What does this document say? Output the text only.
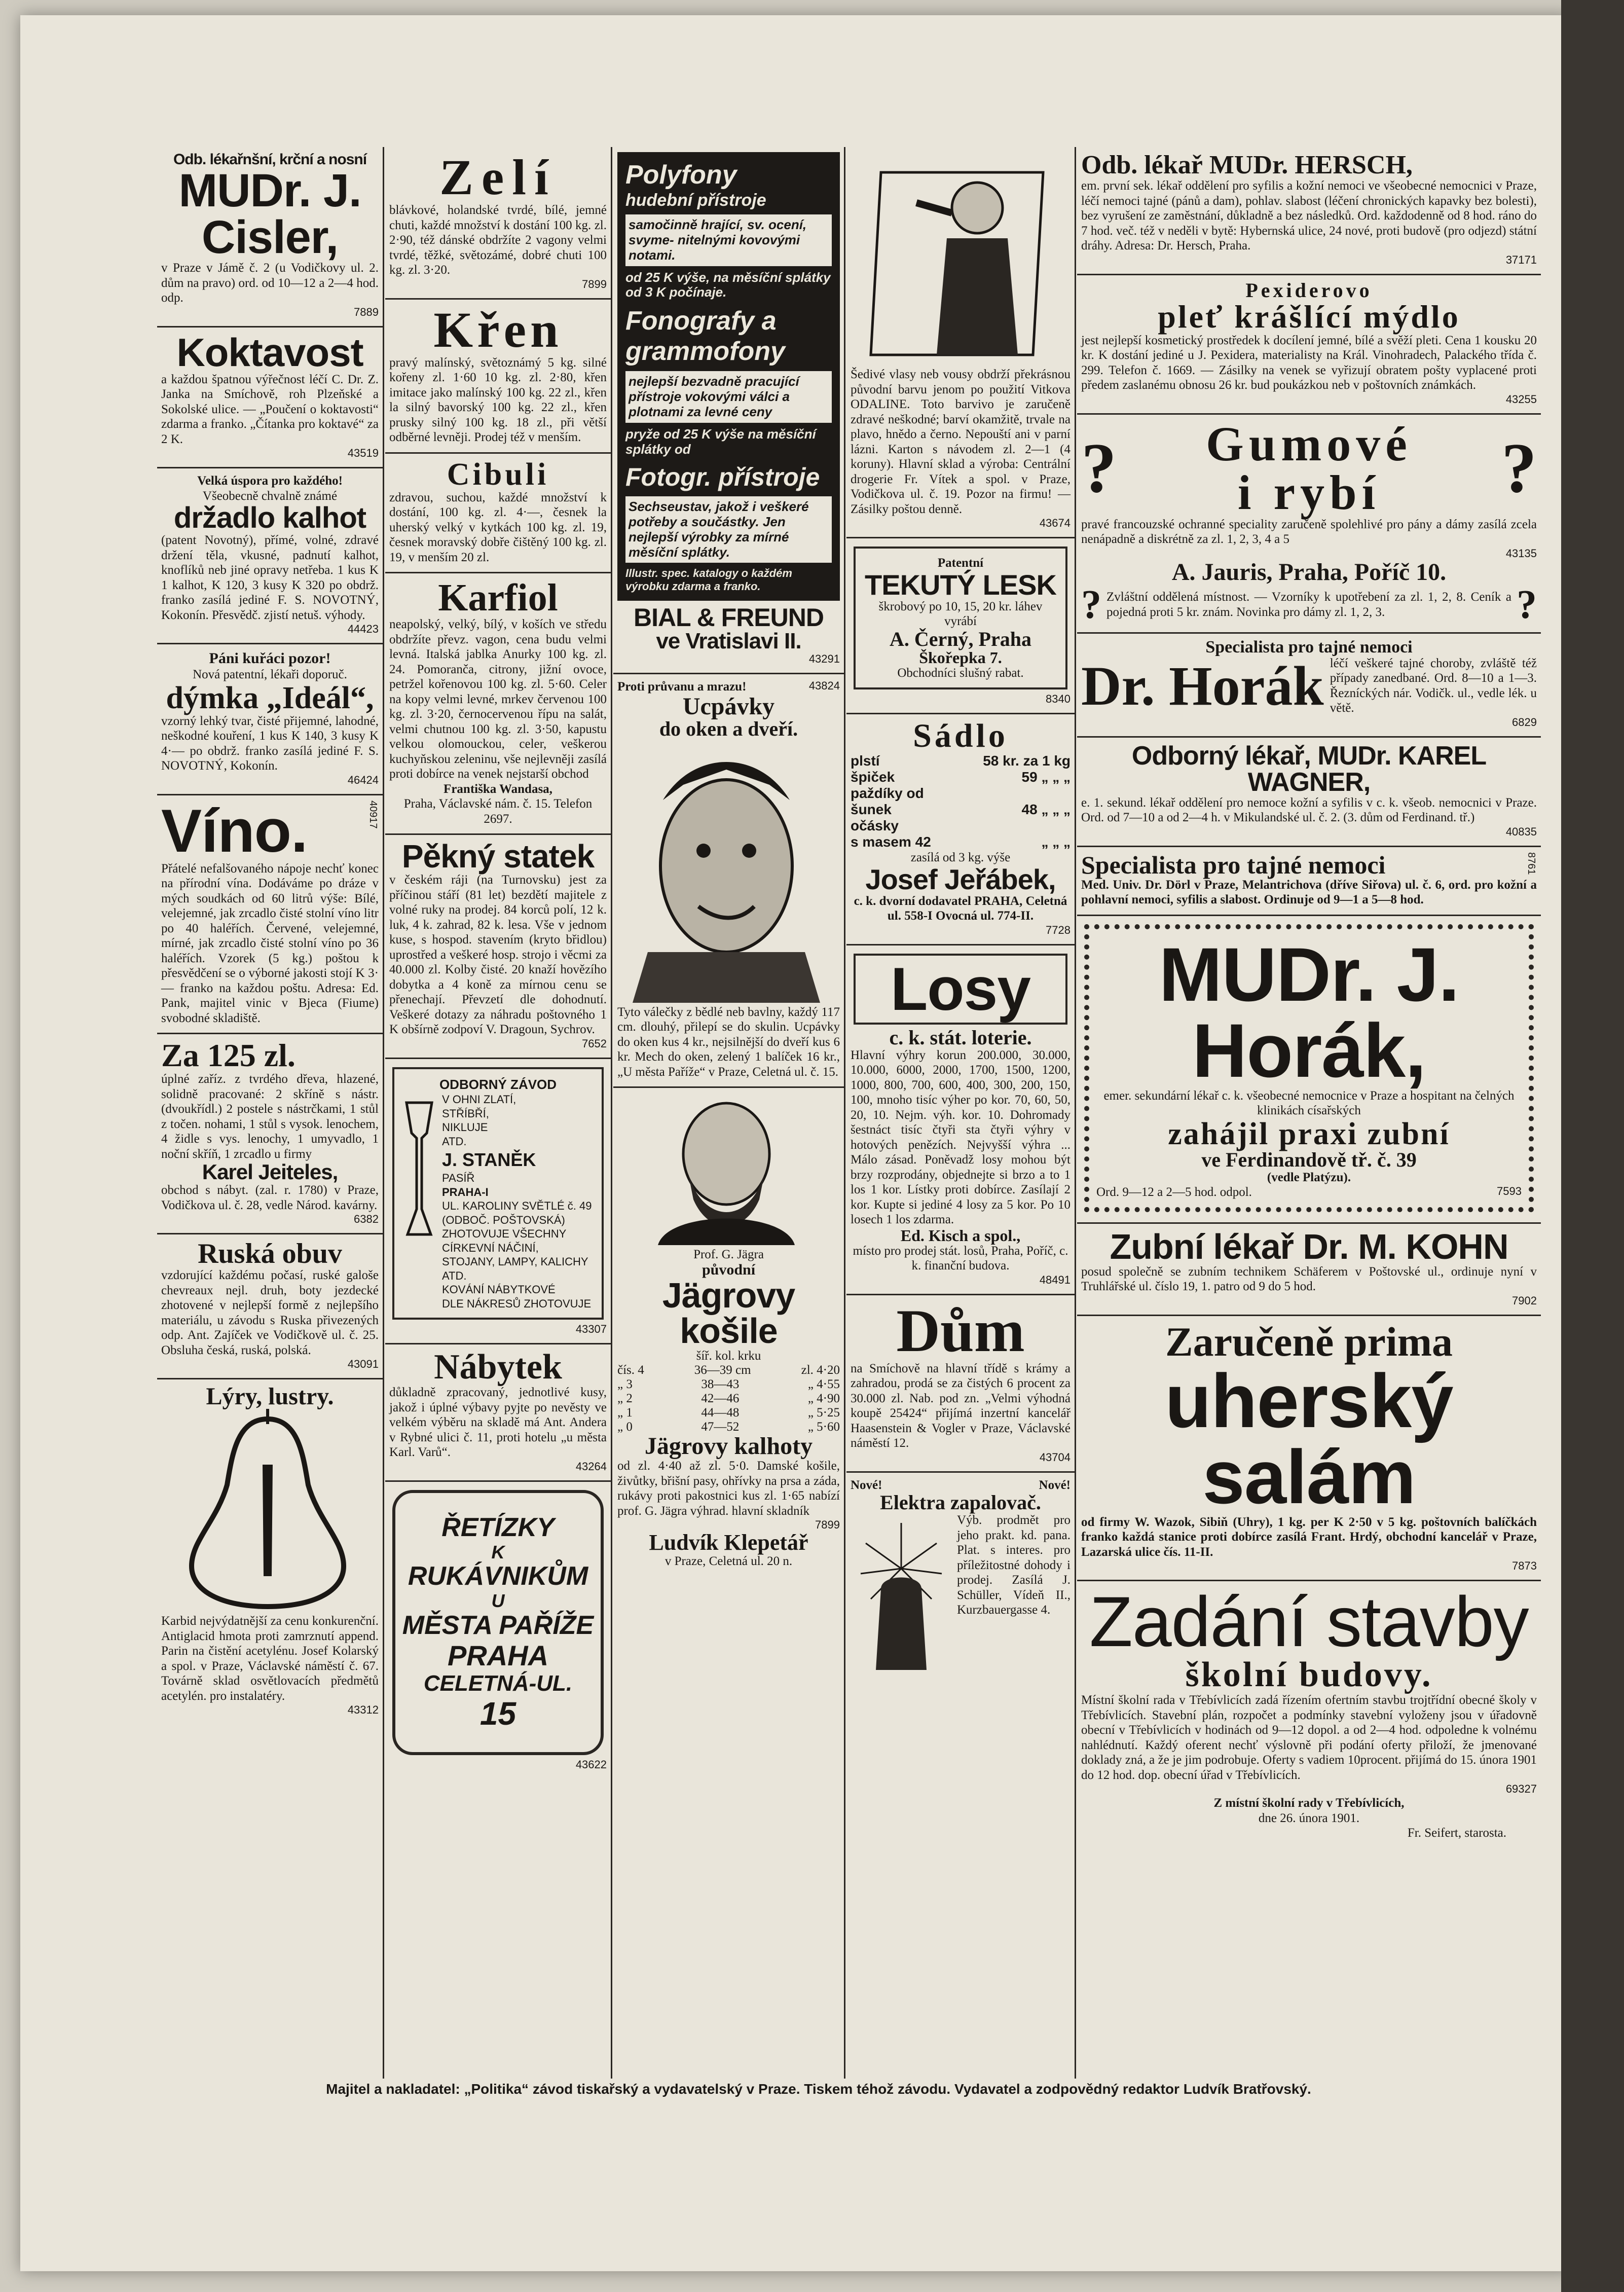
Odb. lékařnšní, krční a nosní
MUDr. J. Cisler,
v Praze v Jámě č. 2 (u Vodičkovy ul. 2. dům na pravo) ord. od 10—12 a 2—4 hod. odp.
7889
Koktavost
a každou špatnou výřečnost léčí C. Dr. Z. Janka na Smíchově, roh Plzeňské a Sokolské ulice. — „Poučení o koktavosti“ zdarma a franko. „Čítanka pro koktavé“ za 2 K.
43519
Velká úspora pro každého!
Všeobecně chvalně známé
držadlo kalhot
(patent Novotný), přímé, volné, zdravé držení těla, vkusné, padnutí kalhot, knoflíků neb jiné opravy netřeba. 1 kus K 1 kalhot, K 120, 3 kusy K 320 po obdrž. franko zasílá jediné F. S. NOVOTNÝ, Kokonín. Přesvědč. zjistí netuš. výhody.
44423
Páni kuřáci pozor!
Nová patentní, lékaři doporuč.
dýmka „Ideál“,
vzorný lehký tvar, čisté přijemné, lahodné, neškodné kouření, 1 kus K 140, 3 kusy K 4·— po obdrž. franko zasílá jediné F. S. NOVOTNÝ, Kokonín.
46424
Víno.	40917
Přátelé nefalšovaného nápoje nechť konec na přírodní vína. Dodáváme po dráze v mých soudkách od 60 litrů výše: Bílé, velejemné, jak zrcadlo čisté stolní víno litr po 40 haléřích. Červené, velejemné, mírné, jak zrcadlo čisté stolní víno po 36 haléřích. Vzorek (5 kg.) poštou k přesvědčení se o výborné jakosti stojí K 3·— franko na každou poštu. Adresa: Ed. Pank, majitel vinic v Bjeca (Fiume) svobodné skladiště.
Za 125 zl.
úplné zaříz. z tvrdého dřeva, hlazené, solidně pracované: 2 skříně s nástr. (dvoukřídl.) 2 postele s nástrčkami, 1 stůl z točen. nohami, 1 stůl s vysok. lenochem, 4 židle s vys. lenochy, 1 umyvadlo, 1 noční skříň, 1 zrcadlo u firmy
Karel Jeiteles,
obchod s nábyt. (zal. r. 1780) v Praze, Vodičkova ul. č. 28, vedle Národ. kavárny.
6382
Ruská obuv
vzdorující každému počasí, ruské galoše chevreaux nejl. druh, boty jezdecké zhotovené v nejlepší formě z nejlepšího materiálu, u závodu s Ruska přivezených odp. Ant. Zajíček ve Vodičkově ul. č. 25. Obsluha česká, ruská, polská.
43091
Lýry, lustry.
Karbid nejvýdatnější za cenu konkurenční. Antiglacid hmota proti zamrznutí append. Parin na čistění acetylénu. Josef Kolarský a spol. v Praze, Václavské náměstí č. 67. Továrně sklad osvětlovacích předmětů acetylén. pro instalatéry.
43312
Zelí
blávkové, holandské tvrdé, bílé, jemné chuti, každé množství k dostání 100 kg. zl. 2·90, též dánské obdržíte 2 vagony velmi tvrdé, těžké, světozámé, dobré chuti 100 kg. zl. 3·20.
7899
Křen
pravý malínský, světoznámý 5 kg. silné kořeny zl. 1·60 10 kg. zl. 2·80, křen imitace jako malínský 100 kg. 22 zl., křen la silný bavorský 100 kg. 22 zl., křen prusky silný 100 kg. 18 zl., při větší odběrné levněji. Prodej též v menším.
Cibuli
zdravou, suchou, každé množství k dostání, 100 kg. zl. 4·—, česnek la uherský velký v kytkách 100 kg. zl. 19, česnek moravský dobře čištěný 100 kg. zl. 19, v menším 20 zl.
Karfiol
neapolský, velký, bílý, v koších ve středu obdržíte převz. vagon, cena budu velmi levná. Italská jablka Anurky 100 kg. zl. 24. Pomoranča, citrony, jižní ovoce, petržel kořenovou 100 kg. zl. 5·60. Celer na kopy velmi levné, mrkev červenou 100 kg. zl. 3·20, černocervenou řípu na salát, velmi chutnou 100 kg. zl. 3·50, kapustu velkou olomouckou, celer, veškerou kuchyňskou zeleninu, vše nejlevněji zasílá proti dobírce na venek nejstarší obchod
Františka Wandasa,
Praha, Václavské nám. č. 15. Telefon 2697.
Pěkný statek
v českém ráji (na Turnovsku) jest za příčinou stáří (81 let) bezdětí majitele z volné ruky na prodej. 84 korců polí, 12 k. luk, 4 k. zahrad, 82 k. lesa. Vše v jednom kuse, s hospod. stavením (kryto břidlou) uprostřed a veškeré hosp. strojo i věcmi za 40.000 zl. Kolby čisté. 20 knaží hovězího dobytka a 4 koně za mírnou cenu se přenechají. Převzetí dle dohodnutí. Veškeré dotazy za náhradu poštovného 1 K obšírně zodpoví V. Dragoun, Sychrov.
7652
ODBORNÝ ZÁVOD
V OHNI ZLATÍ,
STŘÍBŘÍ,
NIKLUJE
ATD.
J. STANĚK
PASÍŘ
PRAHA-I
UL. KAROLINY SVĚTLÉ č. 49 (ODBOČ. POŠTOVSKÁ)
ZHOTOVUJE VŠECHNY CÍRKEVNÍ NÁČINÍ,
STOJANY, LAMPY, KALICHY ATD.
KOVÁNÍ NÁBYTKOVÉ
DLE NÁKRESŮ ZHOTOVUJE
43307
Nábytek
důkladně zpracovaný, jednotlivé kusy, jakož i úplné výbavy pyjte po nevěsty ve velkém výběru na skladě má Ant. Andera v Rybné ulici č. 11, proti hotelu „u města Karl. Varů“.
43264
ŘETÍZKY
K
RUKÁVNIKŮM
U
MĚSTA PAŘÍŽE
PRAHA
CELETNÁ-UL.
15
43622
Polyfony
hudební přístroje
samočinně hrající, sv. ocení, svyme- nitelnými kovovými notami.
od 25 K výše, na měsíční splátky od 3 K počínaje.
Fonografy a grammofony
nejlepší bezvadně pracující přístroje vokovými válci a plotnami za levné ceny
pryže od 25 K výše na měsíční splátky od
Fotogr. přístroje
Sechseustav, jakož i veškeré potřeby a součástky. Jen nejlepší výrobky za mírné měsíční splátky.
Illustr. spec. katalogy o každém výrobku zdarma a franko.
BIAL & FREUND
ve Vratislavi II.
43291
Proti průvanu a mrazu!	43824
Ucpávky
do oken a dveří.
Tyto válečky z bědlé neb bavlny, každý 117 cm. dlouhý, přilepí se do skulin. Ucpávky do oken kus 4 kr., nejsilnější do dveří kus 6 kr. Mech do oken, zelený 1 balíček 16 kr., „U města Paříže“ v Praze, Celetná ul. č. 15.
Prof. G. Jägra
původní
Jägrovy košile
šíř. kol. krku
čís. 4	36—39 cm	zl. 4·20
„ 3	38—43	„ 4·55
„ 2	42—46	„ 4·90
„ 1	44—48	„ 5·25
„ 0	47—52	„ 5·60
Jägrovy kalhoty
od zl. 4·40 až zl. 5·0. Damské košile, živůtky, břišní pasy, ohřívky na prsa a záda, rukávy proti pakostnici kus zl. 1·65 nabízí prof. G. Jägra výhrad. hlavní skladník
7899
Ludvík Klepetář
v Praze, Celetná ul. 20 n.
Šedivé vlasy neb vousy obdrží překrásnou původní barvu jenom po použití Vitkova ODALINE. Toto barvivo je zaručeně zdravé neškodné; barví okamžitě, trvale na plavo, hnědo a černo. Nepouští ani v parní lázni. Karton s návodem zl. 2—1 (4 koruny). Hlavní sklad a výroba: Centrální drogerie Fr. Vítek a spol. v Praze, Vodičkova ul. č. 19. Pozor na firmu! — Zásilky poštou denně.
43674
Patentní
TEKUTÝ LESK
škrobový po 10, 15, 20 kr. láhev vyrábí
A. Černý, Praha
Škořepka 7.
Obchodníci slušný rabat.
8340
Sádlo
plstí	58 kr. za 1 kg
špiček	59 „ „ „
paždíky od
šunek	48 „ „ „
očásky
s masem 42	„ „ „
zasílá od 3 kg. výše
Josef Jeřábek,
c. k. dvorní dodavatel PRAHA, Celetná ul. 558-I Ovocná ul. 774-II.
7728
Losy
c. k. stát. loterie.
Hlavní výhry korun 200.000, 30.000, 10.000, 6000, 2000, 1700, 1500, 1200, 1000, 800, 700, 600, 400, 300, 200, 150, 100, mnoho tisíc výher po kor. 70, 60, 50, 20, 10. Nejm. výh. kor. 10. Dohromady šestnáct tisíc čtyři sta čtyři výhry v hotových penězích. Nejvyšší výhra ... Málo zásad. Poněvadž losy mohou být brzy rozprodány, objednejte si brzo a to 1 los 1 kor. Lístky proti dobírce. Zasílají 2 kor. Kupte si jediné 4 losy za 5 kor. Po 10 losech 1 los zdarma.
Ed. Kisch a spol.,
místo pro prodej stát. losů, Praha, Poříč, c. k. finanční budova.
48491
Dům
na Smíchově na hlavní třídě s krámy a zahradou, prodá se za čistých 6 procent za 30.000 zl. Nab. pod zn. „Velmi výhodná koupě 25424“ přijímá inzertní kancelář Haasenstein & Vogler v Praze, Václavské náměstí 12.
43704
Nové!	Nové!
Elektra zapalovač.
Výb. prodmět pro jeho prakt. kd. pana. Plat. s interes. pro příležitostné dohody i prodej. Zasílá J. Schüller, Vídeň II., Kurzbauergasse 4.
Odb. lékař MUDr. HERSCH,
em. první sek. lékař oddělení pro syfilis a kožní nemoci ve všeobecné nemocnici v Praze, léčí nemoci tajné (pánů a dam), pohlav. slabost (léčení chronických kapavky bez bolesti), bez vyrušení ze zaměstnání, důkladně a bez následků. Ord. každodenně od 8 hod. ráno do 7 hod. več. též v neděli v bytě: Hybernská ulice, 24 nové, proti budově (pro odjezd) státní dráhy. Adresa: Dr. Hersch, Praha.
37171
Pexiderovo
pleť krášlící mýdlo
jest nejlepší kosmetický prostředek k docílení jemné, bílé a svěží pleti. Cena 1 kousku 20 kr. K dostání jediné u J. Pexidera, materialisty na Král. Vinohradech, Palackého třída č. 299. Telefon č. 1669. — Zásilky na venek se vyřizují obratem pošty vyplacené proti předem zaslanému obnosu 26 kr. bud poukázkou neb v poštovních známkách.
43255
? Gumové
i rybí	?
pravé francouzské ochranné speciality zaručeně spolehlivé pro pány a dámy zasílá zcela nenápadně a diskrétně za zl. 1, 2, 3, 4 a 5
43135
A. Jauris, Praha, Poříč 10.
? Zvláštní oddělená místnost. — Vzorníky k upotřebení za zl. 1, 2, 8. Ceník a pojedná proti 5 kr. znám. Novinka pro dámy zl. 1, 2, 3.	?
Specialista pro tajné nemoci
Dr. Horák léčí veškeré tajné choroby, zvláště též případy zanedbané. Ord. 8—10 a 1—3. Řezníckých nár. Vodičk. ul., vedle lék. u větě.
6829
Odborný lékař, MUDr. KAREL WAGNER,
e. 1. sekund. lékař oddělení pro nemoce kožní a syfilis v c. k. všeob. nemocnici v Praze. Ord. od 7—10 a od 2—4 h. v Mikulandské ul. č. 2. (3. dům od Ferdinand. tř.)
40835
Specialista pro tajné nemoci	8761
Med. Univ. Dr. Dörl v Praze, Melantrichova (dříve Siřova) ul. č. 6, ord. pro kožní a pohlavní nemoci, syfilis a slabost. Ordinuje od 9—1 a 5—8 hod.
MUDr. J. Horák,
emer. sekundární lékař c. k. všeobecné nemocnice v Praze a hospitant na čelných klinikách císařských
zahájil praxi zubní
ve Ferdinandově tř. č. 39
(vedle Platýzu).
Ord. 9—12 a 2—5 hod. odpol.	7593
Zubní lékař Dr. M. KOHN
posud společně se zubním technikem Schäferem v Poštovské ul., ordinuje nyní v Truhlářské ul. číslo 19, 1. patro od 9 do 5 hod.
7902
Zaručeně prima
uherský salám
od firmy W. Wazok, Sibiň (Uhry), 1 kg. per K 2·50 v 5 kg. poštovních balíčkách franko každá stanice proti dobírce zasílá Frant. Hrdý, obchodní kancelář v Praze, Lazarská ulice čís. 11-II.
7873
Zadání stavby
školní budovy.
Místní školní rada v Třebívlicích zadá řízením ofertním stavbu trojtřídní obecné školy v Třebívlicích. Stavební plán, rozpočet a podmínky stavební vyloženy jsou v úřadovně obecní v Třebívlicích v hodinách od 9—12 dopol. a od 2—4 hod. odpoledne k volnému nahlédnutí. Každý oferent nechť výslovně při podání oferty přiloží, že jmenované doklady zná, a že je jim podrobuje. Oferty s vadiem 10procent. přijímá do 15. února 1901 do 12 hod. dop. obecní úřad v Třebívlicích.
69327
Z místní školní rady v Třebívlicích,
dne 26. února 1901.
Fr. Seifert, starosta.
Majitel a nakladatel: „Politika“ závod tiskařský a vydavatelský v Praze. Tiskem téhož závodu. Vydavatel a zodpovědný redaktor Ludvík Bratřovský.
